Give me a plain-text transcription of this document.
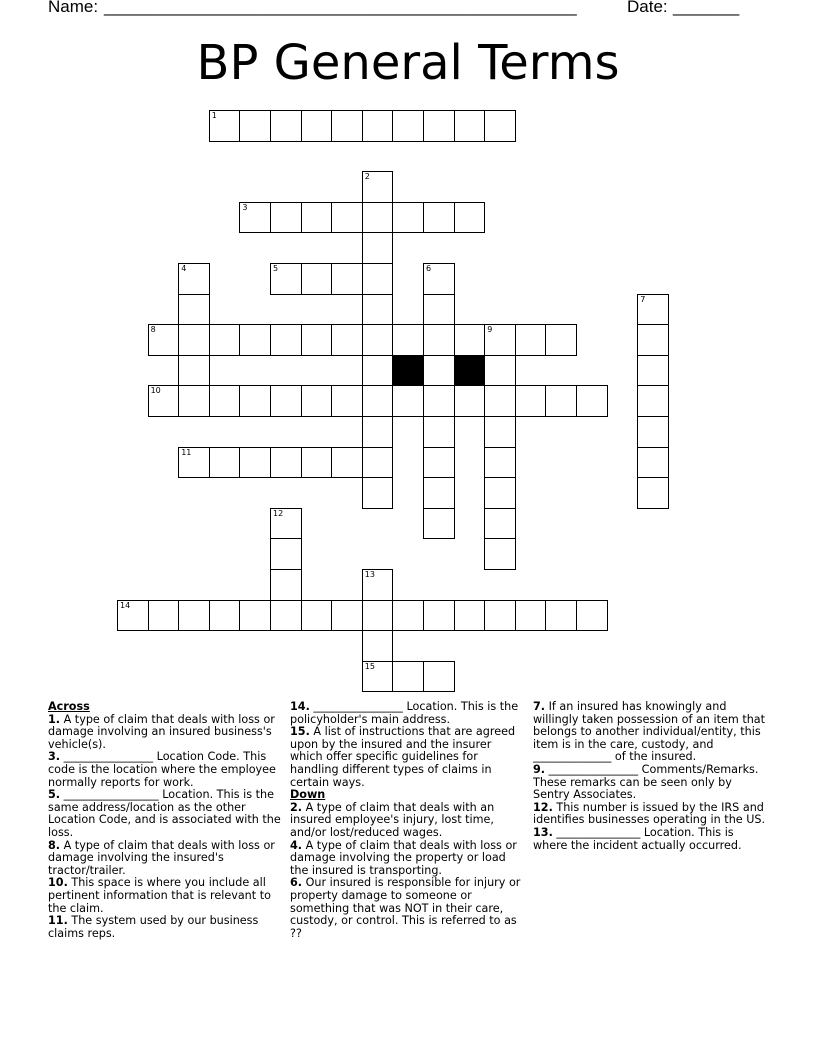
Name: __________________________________________________	Date: _______
BP General Terms
1
2
3
4	5	6
7
8	9
10
11
12
13
14
15
Across
1. A type of claim that deals with loss or damage involving an insured business's vehicle(s).
3. ________________ Location Code. This code is the location where the employee normally reports for work.
5. _________________ Location. This is the same address/location as the other Location Code, and is associated with the loss.
8. A type of claim that deals with loss or damage involving the insured's tractor/trailer.
10. This space is where you include all pertinent information that is relevant to the claim.
11. The system used by our business claims reps.
14. ________________ Location. This is the policyholder's main address.
15. A list of instructions that are agreed upon by the insured and the insurer which offer specific guidelines for handling different types of claims in certain ways.
Down
2. A type of claim that deals with an insured employee's injury, lost time, and/or lost/reduced wages.
4. A type of claim that deals with loss or damage involving the property or load the insured is transporting.
6. Our insured is responsible for injury or property damage to someone or something that was NOT in their care, custody, or control. This is referred to as ??
7. If an insured has knowingly and willingly taken possession of an item that belongs to another individual/entity, this item is in the care, custody, and ______________ of the insured.
9. ________________ Comments/Remarks. These remarks can be seen only by Sentry Associates.
12. This number is issued by the IRS and identifies businesses operating in the US.
13. _______________ Location. This is where the incident actually occurred.
